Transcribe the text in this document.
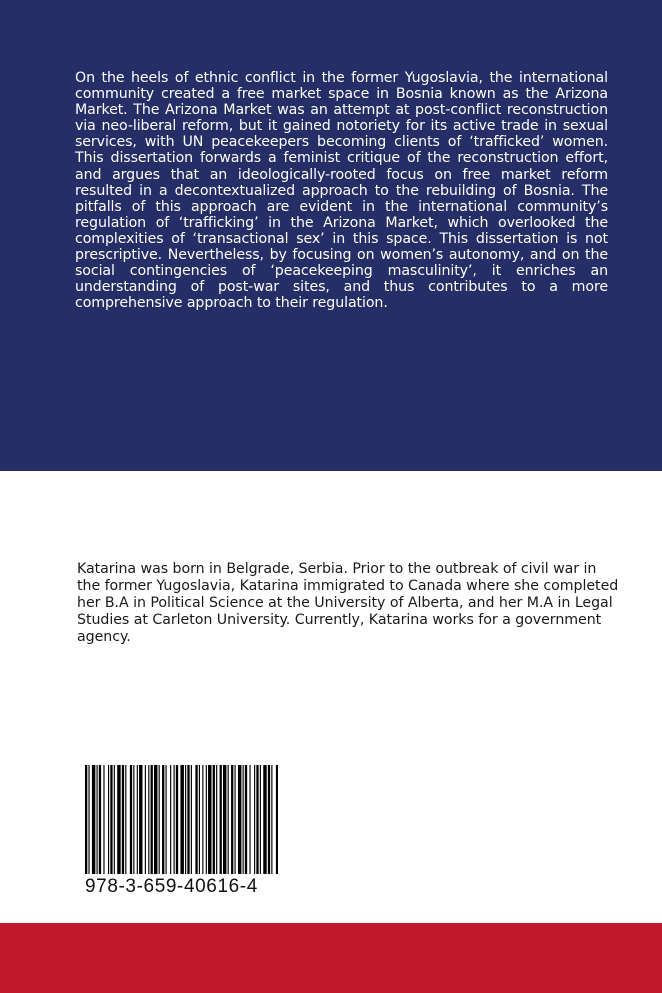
On the heels of ethnic conflict in the former Yugoslavia, the international community created a free market space in Bosnia known as the Arizona Market. The Arizona Market was an attempt at post-conflict reconstruction via neo-liberal reform, but it gained notoriety for its active trade in sexual services, with UN peacekeepers becoming clients of ‘trafficked’ women. This dissertation forwards a feminist critique of the reconstruction effort, and argues that an ideologically-rooted focus on free market reform resulted in a decontextualized approach to the rebuilding of Bosnia. The pitfalls of this approach are evident in the international community’s regulation of ‘trafficking’ in the Arizona Market, which overlooked the complexities of ‘transactional sex’ in this space. This dissertation is not prescriptive. Nevertheless, by focusing on women’s autonomy, and on the social contingencies of ‘peacekeeping masculinity’, it enriches an understanding of post-war sites, and thus contributes to a more comprehensive approach to their regulation.

Katarina was born in Belgrade, Serbia. Prior to the outbreak of civil war in the former Yugoslavia, Katarina immigrated to Canada where she completed her B.A in Political Science at the University of Alberta, and her M.A in Legal Studies at Carleton University. Currently, Katarina works for a government agency.

978-3-659-40616-4
